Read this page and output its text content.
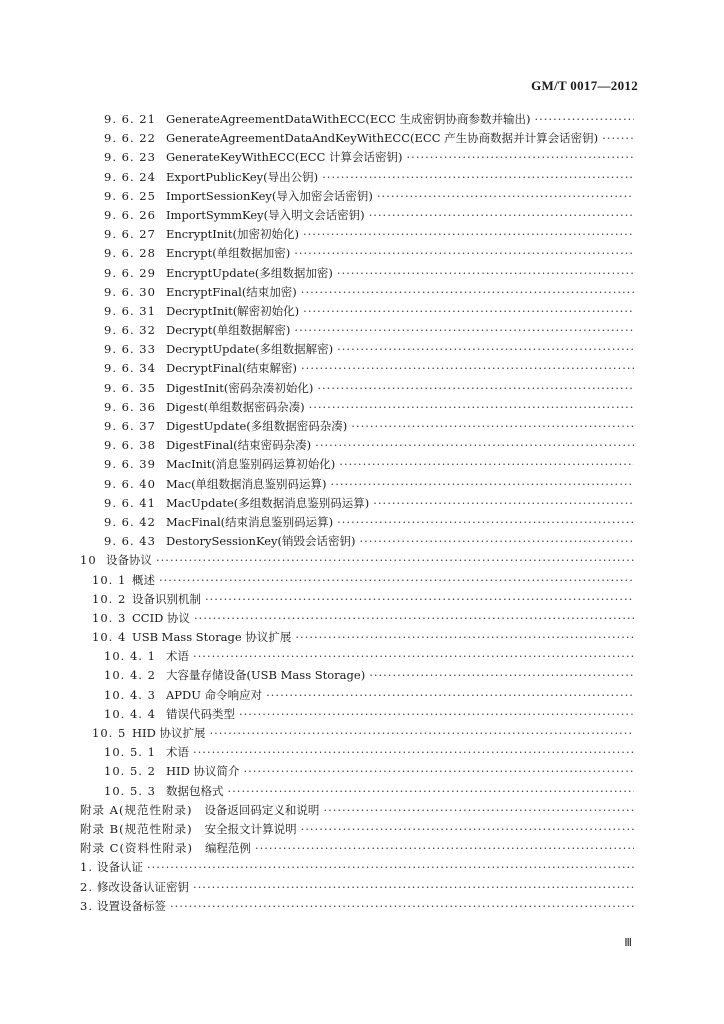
GM/T 0017—2012
9. 6. 21 GenerateAgreementDataWithECC(ECC 生成密钥协商参数并输出)
·····
9. 6. 22 GenerateAgreementDataAndKeyWithECC(ECC 产生协商数据并计算会话密钥)
·····
9. 6. 23 GenerateKeyWithECC(ECC 计算会话密钥)
·····
9. 6. 24 ExportPublicKey(导出公钥)
·····
9. 6. 25 ImportSessionKey(导入加密会话密钥)
·····
9. 6. 26 ImportSymmKey(导入明文会话密钥)
·····
9. 6. 27 EncryptInit(加密初始化)
·····
9. 6. 28 Encrypt(单组数据加密)
·····
9. 6. 29 EncryptUpdate(多组数据加密)
·····
9. 6. 30 EncryptFinal(结束加密)
·····
9. 6. 31 DecryptInit(解密初始化)
·····
9. 6. 32 Decrypt(单组数据解密)
·····
9. 6. 33 DecryptUpdate(多组数据解密)
·····
9. 6. 34 DecryptFinal(结束解密)
·····
9. 6. 35 DigestInit(密码杂凑初始化)
·····
9. 6. 36 Digest(单组数据密码杂凑)
·····
9. 6. 37 DigestUpdate(多组数据密码杂凑)
·····
9. 6. 38 DigestFinal(结束密码杂凑)
·····
9. 6. 39 MacInit(消息鉴别码运算初始化)
·····
9. 6. 40 Mac(单组数据消息鉴别码运算)
·····
9. 6. 41 MacUpdate(多组数据消息鉴别码运算)
·····
9. 6. 42 MacFinal(结束消息鉴别码运算)
·····
9. 6. 43 DestorySessionKey(销毁会话密钥)
·····
10 设备协议
·····
10. 1 概述
·····
10. 2 设备识别机制
·····
10. 3 CCID 协议
·····
10. 4 USB Mass Storage 协议扩展
·····
10. 4. 1 术语
·····
10. 4. 2 大容量存储设备(USB Mass Storage)
·····
10. 4. 3 APDU 命令响应对
·····
10. 4. 4 错误代码类型
·····
10. 5 HID 协议扩展
·····
10. 5. 1 术语
·····
10. 5. 2 HID 协议简介
·····
10. 5. 3 数据包格式
·····
附录 A(规范性附录) 设备返回码定义和说明
·····
附录 B(规范性附录) 安全报文计算说明
·····
附录 C(资料性附录) 编程范例
·····
1. 设备认证
·····
2. 修改设备认证密钥
·····
3. 设置设备标签
·····
Ⅲ
